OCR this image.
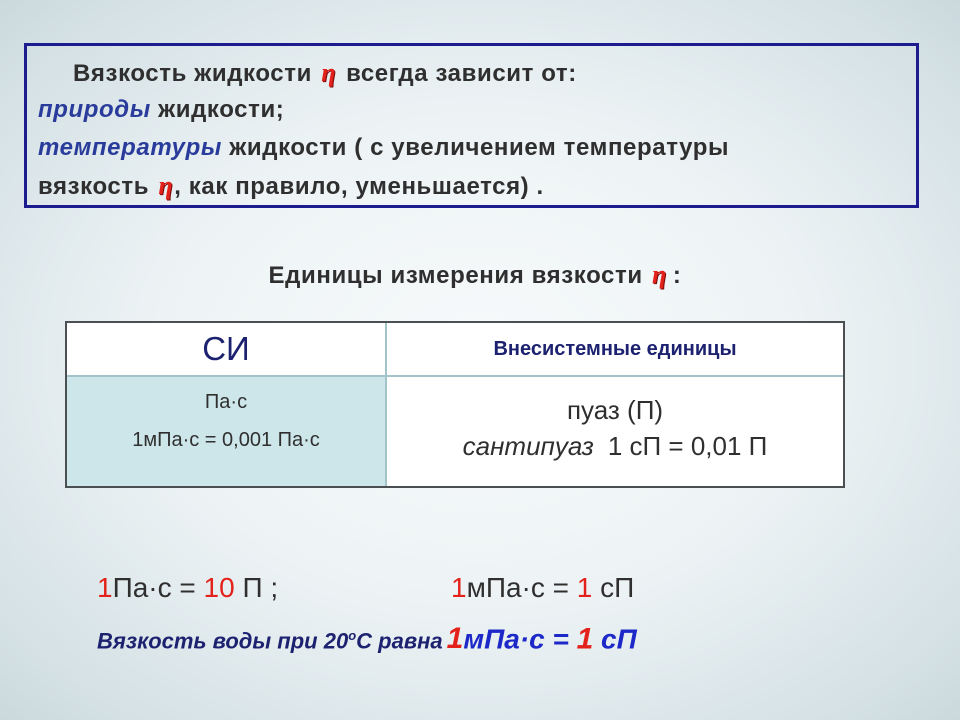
Вязкость жидкости η всегда зависит от:
природы жидкости;
температуры жидкости ( с увеличением температуры
вязкость η, как правило, уменьшается) .
Единицы измерения вязкости η :
СИ	Внесистемные единицы
Па·с
1мПа·с = 0,001 Па·с
пуаз (П)
сантипуаз 1 сП = 0,01 П
1Па·с = 10 П ;	1мПа·с = 1 сП
Вязкость воды при $20^оС$ равна 1мПа·с = 1 сП
